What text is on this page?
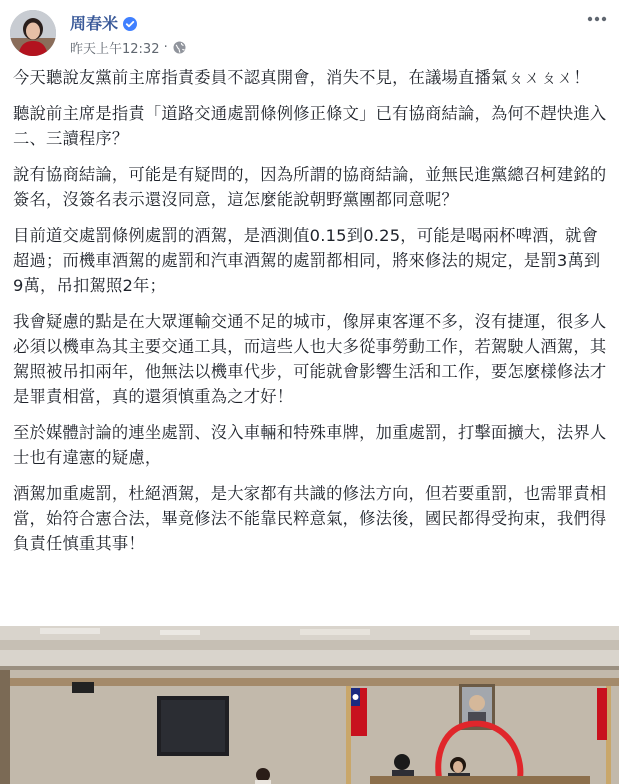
周春米
昨天上午12:32 ·

今天聽說友黨前主席指責委員不認真開會，消失不見，在議場直播氣ㄆㄨㄆㄨ！

聽說前主席是指責「道路交通處罰條例修正條文」已有協商結論，為何不趕快進入二、三讀程序？

說有協商結論，可能是有疑問的，因為所謂的協商結論，並無民進黨總召柯建銘的簽名，沒簽名表示還沒同意，這怎麼能說朝野黨團都同意呢？

目前道交處罰條例處罰的酒駕，是酒測值0.15到0.25，可能是喝兩杯啤酒，就會超過；而機車酒駕的處罰和汽車酒駕的處罰都相同，將來修法的規定，是罰3萬到9萬，吊扣駕照2年；

我會疑慮的點是在大眾運輸交通不足的城市，像屏東客運不多，沒有捷運，很多人必須以機車為其主要交通工具，而這些人也大多從事勞動工作，若駕駛人酒駕，其駕照被吊扣兩年，他無法以機車代步，可能就會影響生活和工作，要怎麼樣修法才是罪責相當，真的還須慎重為之才好！

至於媒體討論的連坐處罰、沒入車輛和特殊車牌，加重處罰，打擊面擴大，法界人士也有違憲的疑慮，

酒駕加重處罰，杜絕酒駕，是大家都有共識的修法方向，但若要重罰，也需罪責相當，始符合憲合法，畢竟修法不能靠民粹意氣，修法後，國民都得受拘束，我們得負責任慎重其事！
